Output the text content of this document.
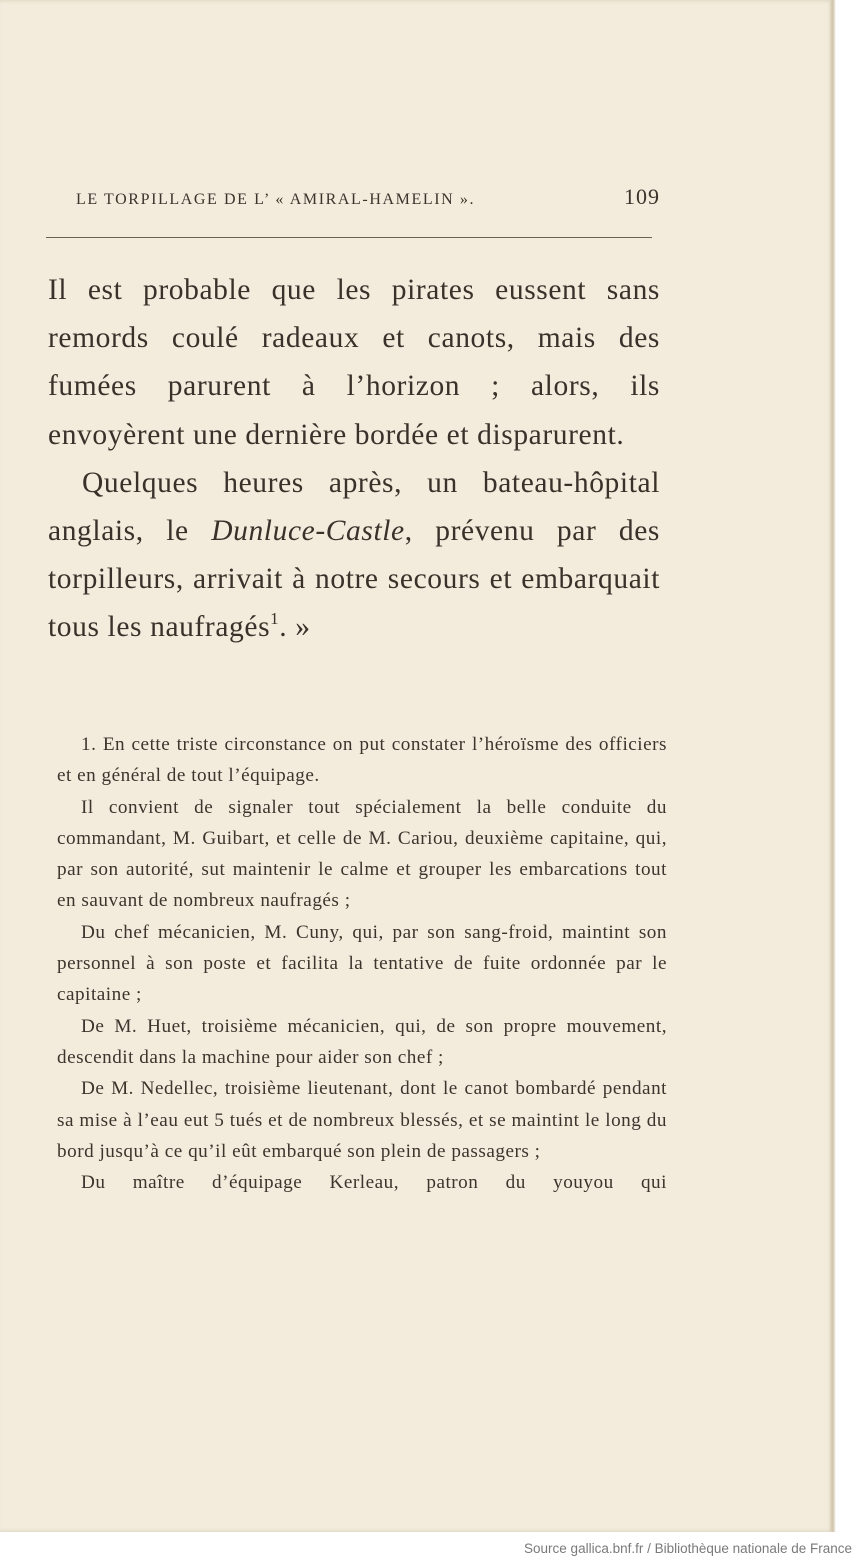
LE TORPILLAGE DE L’ « AMIRAL-HAMELIN ».	109

Il est probable que les pirates eussent sans remords coulé radeaux et canots, mais des fumées parurent à l’horizon ; alors, ils envoyèrent une dernière bordée et disparurent.

Quelques heures après, un bateau-hôpital anglais, le Dunluce-Castle, prévenu par des torpilleurs, arrivait à notre secours et embarquait tous les naufragés$^1$. »

1. En cette triste circonstance on put constater l’héroïsme des officiers et en général de tout l’équipage.

Il convient de signaler tout spécialement la belle conduite du commandant, M. Guibart, et celle de M. Cariou, deuxième capitaine, qui, par son autorité, sut maintenir le calme et grouper les embarcations tout en sauvant de nombreux naufragés ;

Du chef mécanicien, M. Cuny, qui, par son sang-froid, maintint son personnel à son poste et facilita la tentative de fuite ordonnée par le capitaine ;

De M. Huet, troisième mécanicien, qui, de son propre mouvement, descendit dans la machine pour aider son chef ;

De M. Nedellec, troisième lieutenant, dont le canot bombardé pendant sa mise à l’eau eut 5 tués et de nombreux blessés, et se maintint le long du bord jusqu’à ce qu’il eût embarqué son plein de passagers ;

Du maître d’équipage Kerleau, patron du youyou qui

Source gallica.bnf.fr / Bibliothèque nationale de France
